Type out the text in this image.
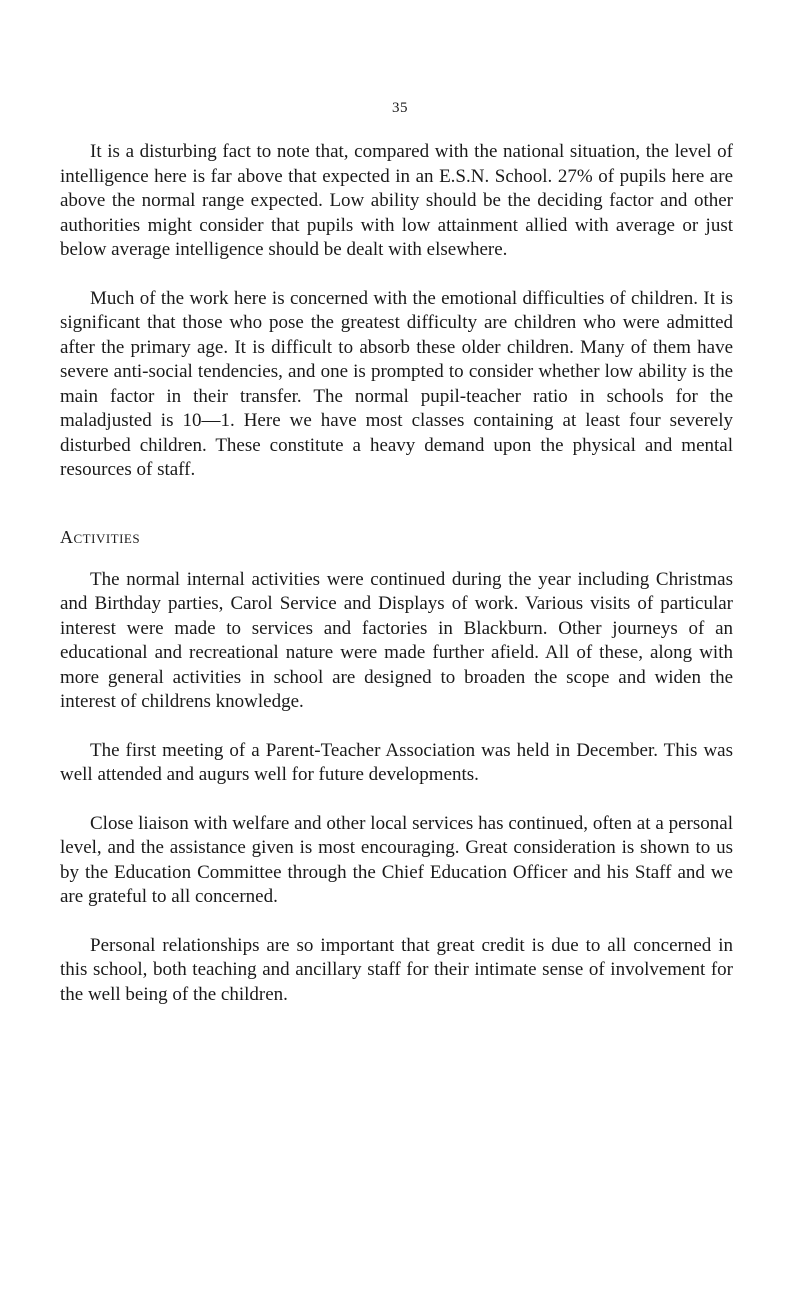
35

It is a disturbing fact to note that, compared with the national situation, the level of intelligence here is far above that expected in an E.S.N. School. 27% of pupils here are above the normal range expected. Low ability should be the deciding factor and other authorities might consider that pupils with low attainment allied with average or just below average intelligence should be dealt with elsewhere.

Much of the work here is concerned with the emotional difficulties of children. It is significant that those who pose the greatest difficulty are children who were admitted after the primary age. It is difficult to absorb these older children. Many of them have severe anti-social tendencies, and one is prompted to consider whether low ability is the main factor in their transfer. The normal pupil-teacher ratio in schools for the maladjusted is 10—1. Here we have most classes containing at least four severely disturbed children. These constitute a heavy demand upon the physical and mental resources of staff.

Activities

The normal internal activities were continued during the year including Christmas and Birthday parties, Carol Service and Displays of work. Various visits of particular interest were made to services and factories in Blackburn. Other journeys of an educational and recreational nature were made further afield. All of these, along with more general activities in school are designed to broaden the scope and widen the interest of childrens knowledge.

The first meeting of a Parent-Teacher Association was held in December. This was well attended and augurs well for future developments.

Close liaison with welfare and other local services has continued, often at a personal level, and the assistance given is most encouraging. Great consideration is shown to us by the Education Committee through the Chief Education Officer and his Staff and we are grateful to all concerned.

Personal relationships are so important that great credit is due to all concerned in this school, both teaching and ancillary staff for their intimate sense of involvement for the well being of the children.
